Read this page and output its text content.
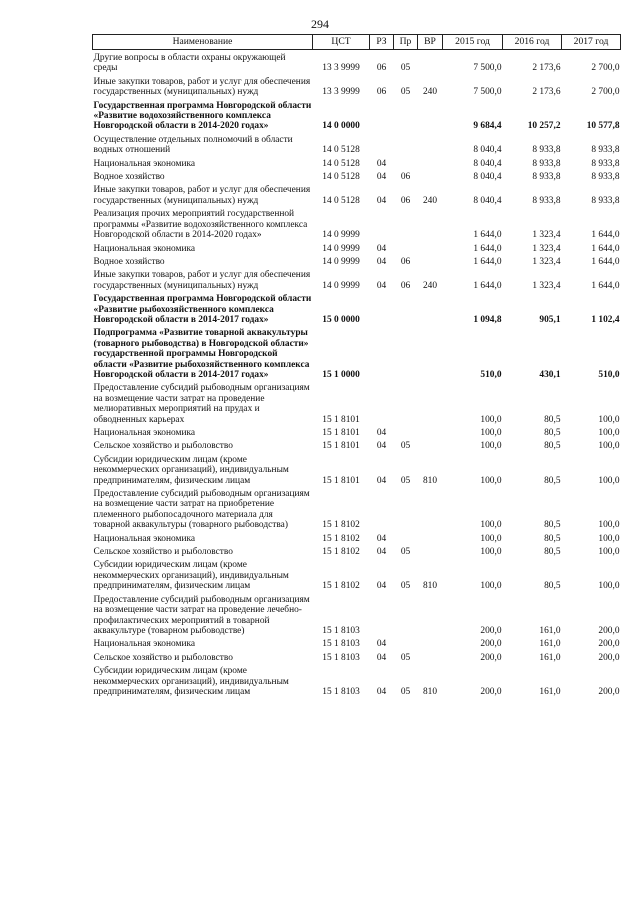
294
Наименование	ЦСТ	РЗ	Пр	ВР	2015 год	2016 год	2017 год
Другие вопросы в области охраны окружающей среды	13 3 9999	06	05		7 500,0	2 173,6	2 700,0
Иные закупки товаров, работ и услуг для обеспечения государственных (муниципальных) нужд	13 3 9999	06	05	240	7 500,0	2 173,6	2 700,0
Государственная программа Новгородской области «Развитие водохозяйственного комплекса Новгородской области в 2014-2020 годах»	14 0 0000				9 684,4	10 257,2	10 577,8
Осуществление отдельных полномочий в области водных отношений	14 0 5128				8 040,4	8 933,8	8 933,8
Национальная экономика	14 0 5128	04			8 040,4	8 933,8	8 933,8
Водное хозяйство	14 0 5128	04	06		8 040,4	8 933,8	8 933,8
Иные закупки товаров, работ и услуг для обеспечения государственных (муниципальных) нужд	14 0 5128	04	06	240	8 040,4	8 933,8	8 933,8
Реализация прочих мероприятий государственной программы «Развитие водохозяйственного комплекса Новгородской области в 2014-2020 годах»	14 0 9999				1 644,0	1 323,4	1 644,0
Национальная экономика	14 0 9999	04			1 644,0	1 323,4	1 644,0
Водное хозяйство	14 0 9999	04	06		1 644,0	1 323,4	1 644,0
Иные закупки товаров, работ и услуг для обеспечения государственных (муниципальных) нужд	14 0 9999	04	06	240	1 644,0	1 323,4	1 644,0
Государственная программа Новгородской области «Развитие рыбохозяйственного комплекса Новгородской области в 2014-2017 годах»	15 0 0000				1 094,8	905,1	1 102,4
Подпрограмма «Развитие товарной аквакультуры (товарного рыбоводства) в Новгородской области» государственной программы Новгородской области «Развитие рыбохозяйственного комплекса Новгородской области в 2014-2017 годах»	15 1 0000				510,0	430,1	510,0
Предоставление субсидий рыбоводным организациям на возмещение части затрат на проведение мелиоративных мероприятий на прудах и обводненных карьерах	15 1 8101				100,0	80,5	100,0
Национальная экономика	15 1 8101	04			100,0	80,5	100,0
Сельское хозяйство и рыболовство	15 1 8101	04	05		100,0	80,5	100,0
Субсидии юридическим лицам (кроме некоммерческих организаций), индивидуальным предпринимателям, физическим лицам	15 1 8101	04	05	810	100,0	80,5	100,0
Предоставление субсидий рыбоводным организациям на возмещение части затрат на приобретение племенного рыбопосадочного материала для товарной аквакультуры (товарного рыбоводства)	15 1 8102				100,0	80,5	100,0
Национальная экономика	15 1 8102	04			100,0	80,5	100,0
Сельское хозяйство и рыболовство	15 1 8102	04	05		100,0	80,5	100,0
Субсидии юридическим лицам (кроме некоммерческих организаций), индивидуальным предпринимателям, физическим лицам	15 1 8102	04	05	810	100,0	80,5	100,0
Предоставление субсидий рыбоводным организациям на возмещение части затрат на проведение лечебно-профилактических мероприятий в товарной аквакультуре (товарном рыбоводстве)	15 1 8103				200,0	161,0	200,0
Национальная экономика	15 1 8103	04			200,0	161,0	200,0
Сельское хозяйство и рыболовство	15 1 8103	04	05		200,0	161,0	200,0
Субсидии юридическим лицам (кроме некоммерческих организаций), индивидуальным предпринимателям, физическим лицам	15 1 8103	04	05	810	200,0	161,0	200,0
